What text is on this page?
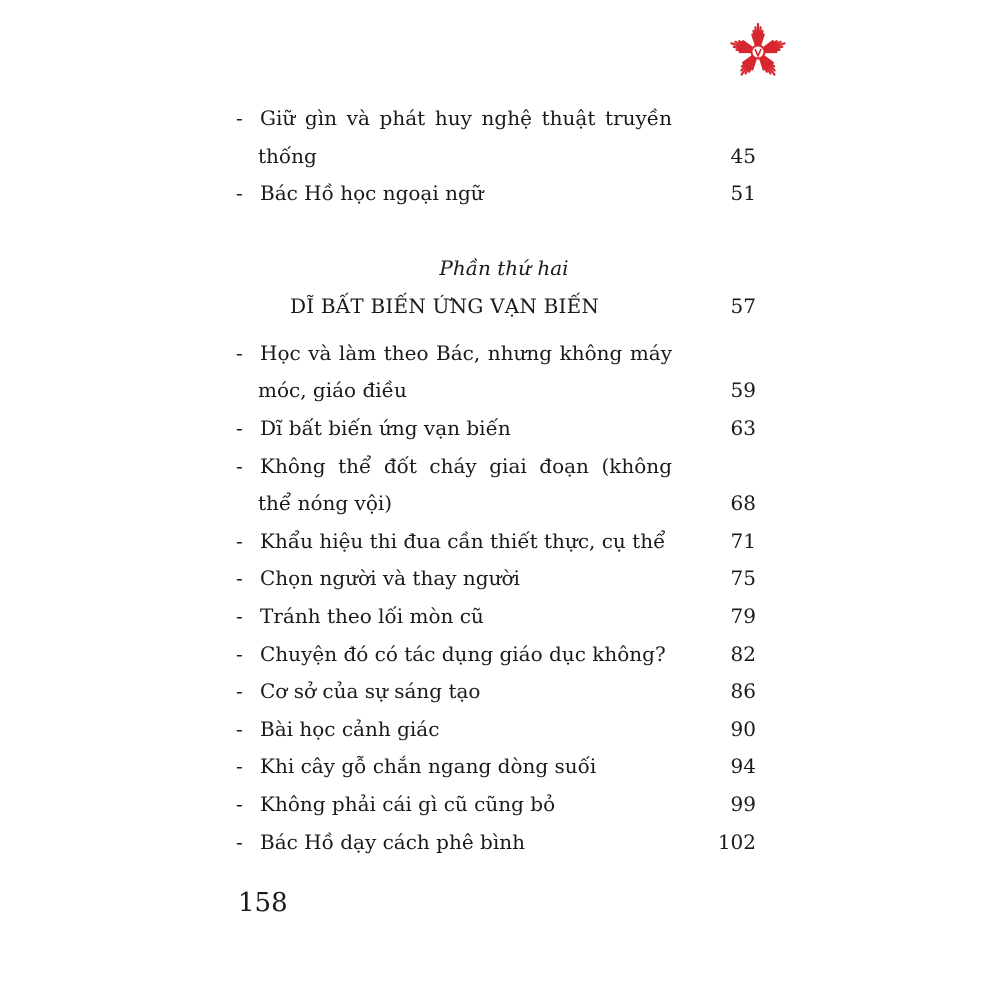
- Giữ gìn và phát huy nghệ thuật truyền
thống	45
- Bác Hồ học ngoại ngữ	51
Phần thứ hai
DĨ BẤT BIẾN ỨNG VẠN BIẾN	57
- Học và làm theo Bác, nhưng không máy
móc, giáo điều	59
- Dĩ bất biến ứng vạn biến	63
- Không thể đốt cháy giai đoạn (không
thể nóng vội)	68
- Khẩu hiệu thi đua cần thiết thực, cụ thể	71
- Chọn người và thay người	75
- Tránh theo lối mòn cũ	79
- Chuyện đó có tác dụng giáo dục không?	82
- Cơ sở của sự sáng tạo	86
- Bài học cảnh giác	90
- Khi cây gỗ chắn ngang dòng suối	94
- Không phải cái gì cũ cũng bỏ	99
- Bác Hồ dạy cách phê bình	102
158
